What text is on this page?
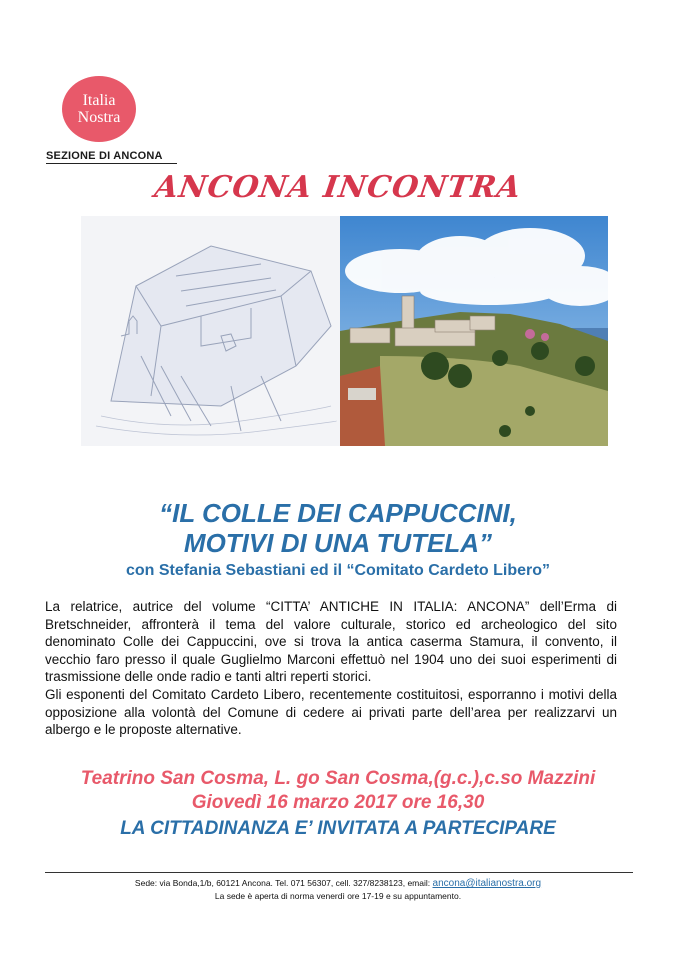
Italia
Nostra
SEZIONE DI ANCONA
ANCONA INCONTRA
“IL COLLE DEI CAPPUCCINI,
MOTIVI DI UNA TUTELA”
con Stefania Sebastiani ed il “Comitato Cardeto Libero”

La relatrice, autrice del volume “CITTA’ ANTICHE IN ITALIA: ANCONA” dell’Erma di Bretschneider, affronterà il tema del valore culturale, storico ed archeologico del sito denominato Colle dei Cappuccini, ove si trova la antica caserma Stamura, il convento, il vecchio faro presso il quale Guglielmo Marconi effettuò nel 1904 uno dei suoi esperimenti di trasmissione delle onde radio e tanti altri reperti storici.

Gli esponenti del Comitato Cardeto Libero, recentemente costituitosi, esporranno i motivi della opposizione alla volontà del Comune di cedere ai privati parte dell’area per realizzarvi un albergo e le proposte alternative.

Teatrino San Cosma, L. go San Cosma,(g.c.),c.so Mazzini
Giovedì 16 marzo 2017 ore 16,30
LA CITTADINANZA E’ INVITATA A PARTECIPARE
Sede: via Bonda,1/b, 60121 Ancona. Tel. 071 56307, cell. 327/8238123, email: ancona@italianostra.org
La sede è aperta di norma venerdì ore 17-19 e su appuntamento.
